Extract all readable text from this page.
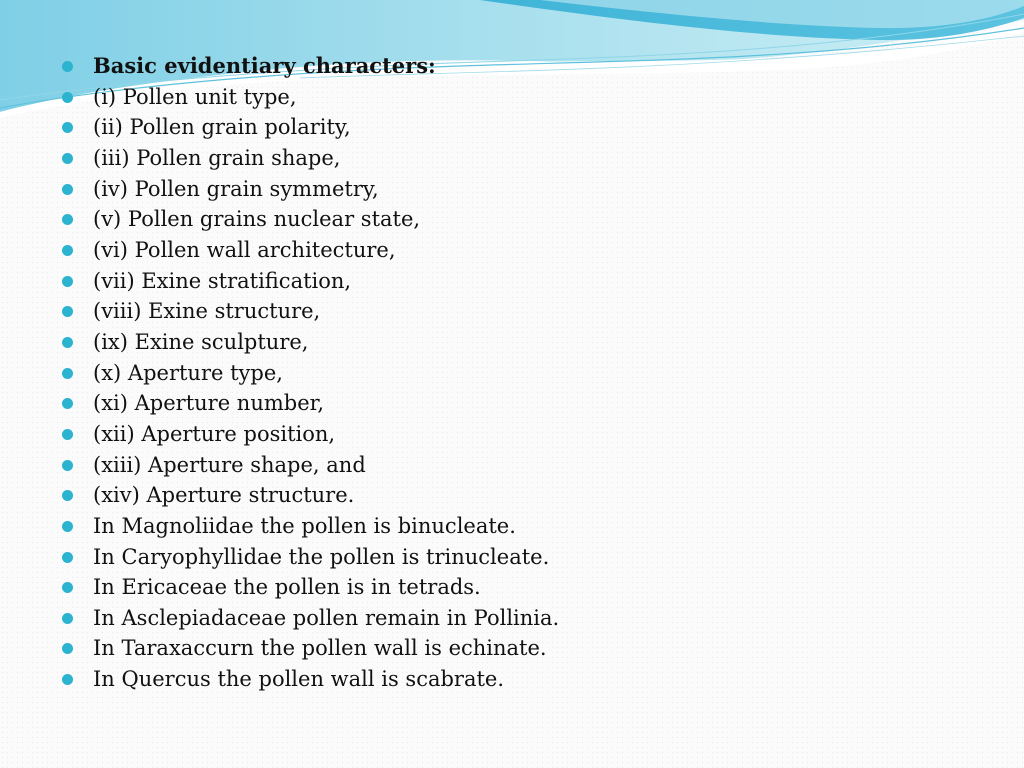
Basic evidentiary characters:
(i) Pollen unit type,
(ii) Pollen grain polarity,
(iii) Pollen grain shape,
(iv) Pollen grain symmetry,
(v) Pollen grains nuclear state,
(vi) Pollen wall architecture,
(vii) Exine stratification,
(viii) Exine structure,
(ix) Exine sculpture,
(x) Aperture type,
(xi) Aperture number,
(xii) Aperture position,
(xiii) Aperture shape, and
(xiv) Aperture structure.
In Magnoliidae the pollen is binucleate.
In Caryophyllidae the pollen is trinucleate.
In Ericaceae the pollen is in tetrads.
In Asclepiadaceae pollen remain in Pollinia.
In Taraxaccurn the pollen wall is echinate.
In Quercus the pollen wall is scabrate.
